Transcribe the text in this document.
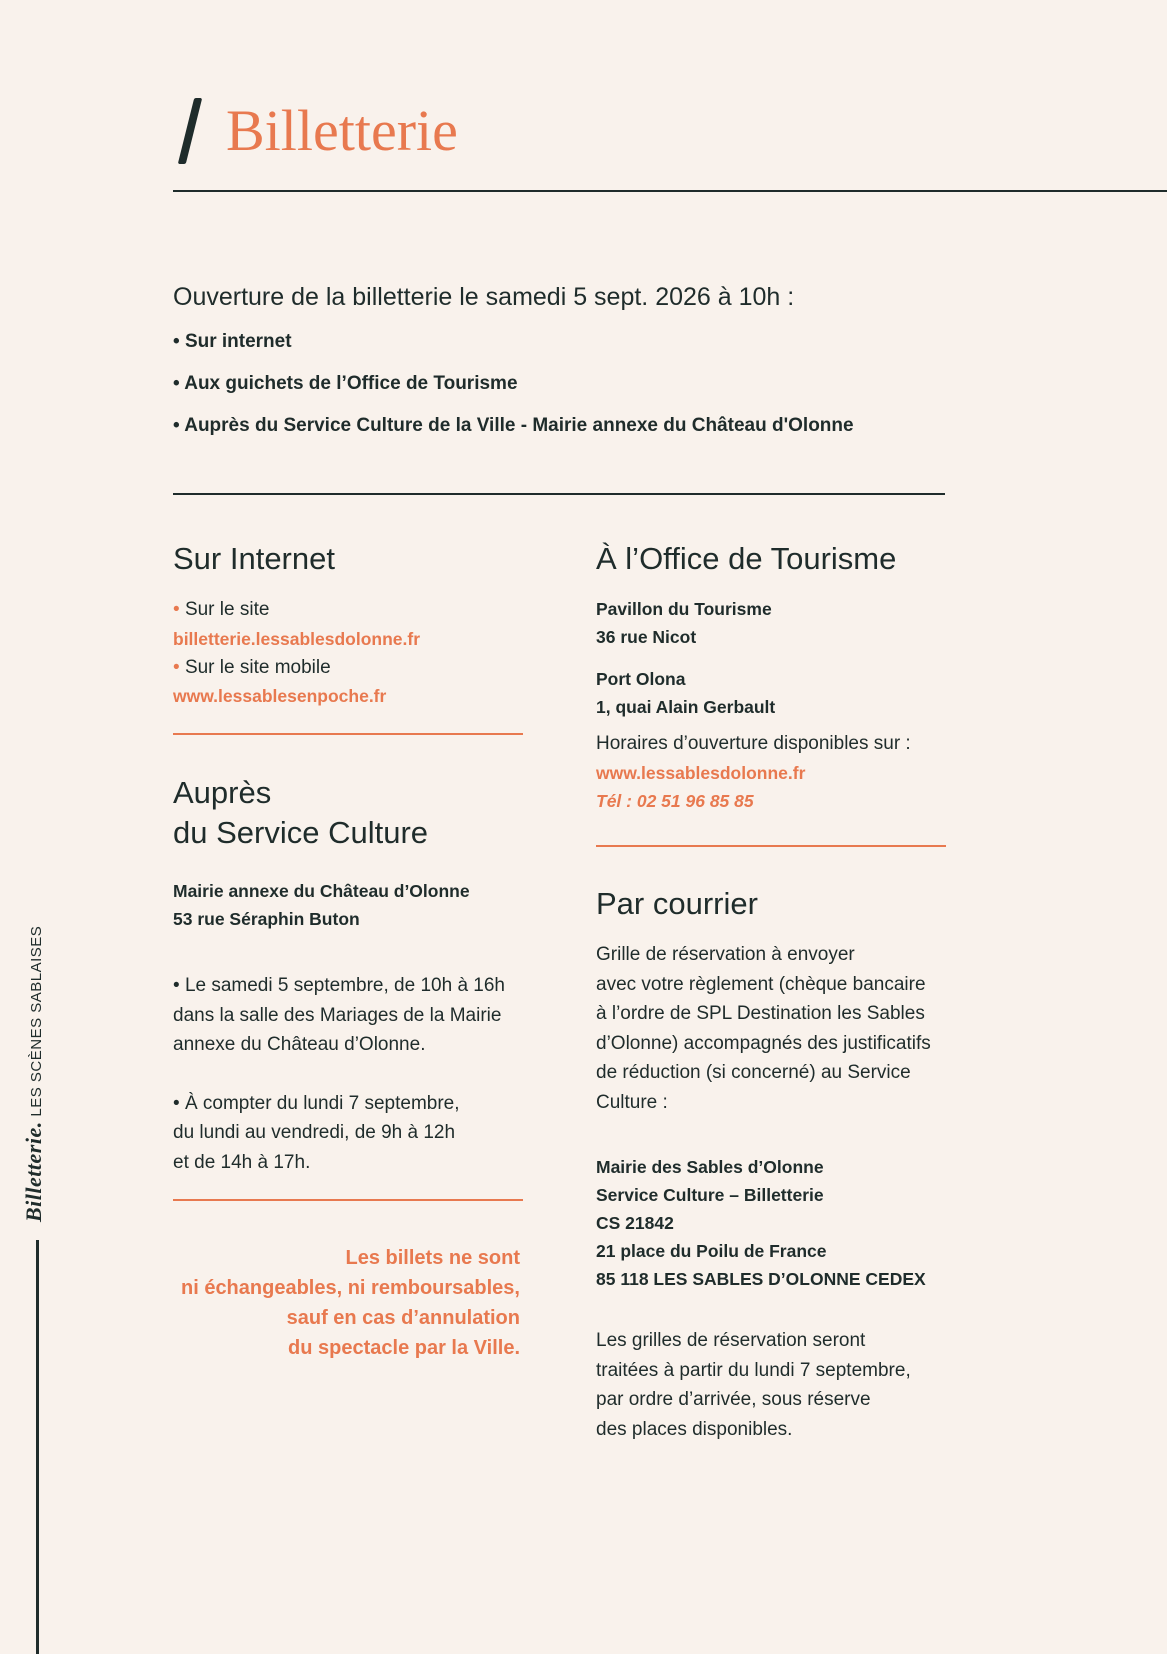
Billetterie
Ouverture de la billetterie le samedi 5 sept. 2026 à 10h :
• Sur internet
• Aux guichets de l’Office de Tourisme
• Auprès du Service Culture de la Ville - Mairie annexe du Château d'Olonne
Sur Internet

• Sur le site

billetterie.lessablesdolonne.fr

• Sur le site mobile

www.lessablesenpoche.fr
Auprès
du Service Culture

Mairie annexe du Château d’Olonne

53 rue Séraphin Buton

• Le samedi 5 septembre, de 10h à 16h

dans la salle des Mariages de la Mairie

annexe du Château d’Olonne.

• À compter du lundi 7 septembre,

du lundi au vendredi, de 9h à 12h

et de 14h à 17h.

Les billets ne sont
ni échangeables, ni remboursables,
sauf en cas d’annulation
du spectacle par la Ville.

À l’Office de Tourisme

Pavillon du Tourisme

36 rue Nicot

Port Olona

1, quai Alain Gerbault

Horaires d’ouverture disponibles sur :

www.lessablesdolonne.fr

Tél : 02 51 96 85 85

Par courrier

Grille de réservation à envoyer

avec votre règlement (chèque bancaire

à l’ordre de SPL Destination les Sables

d’Olonne) accompagnés des justificatifs

de réduction (si concerné) au Service

Culture :

Mairie des Sables d’Olonne

Service Culture – Billetterie

CS 21842

21 place du Poilu de France

85 118 LES SABLES D’OLONNE CEDEX

Les grilles de réservation seront

traitées à partir du lundi 7 septembre,

par ordre d’arrivée, sous réserve

des places disponibles.

Billetterie. LES SCÈNES SABLAISES
